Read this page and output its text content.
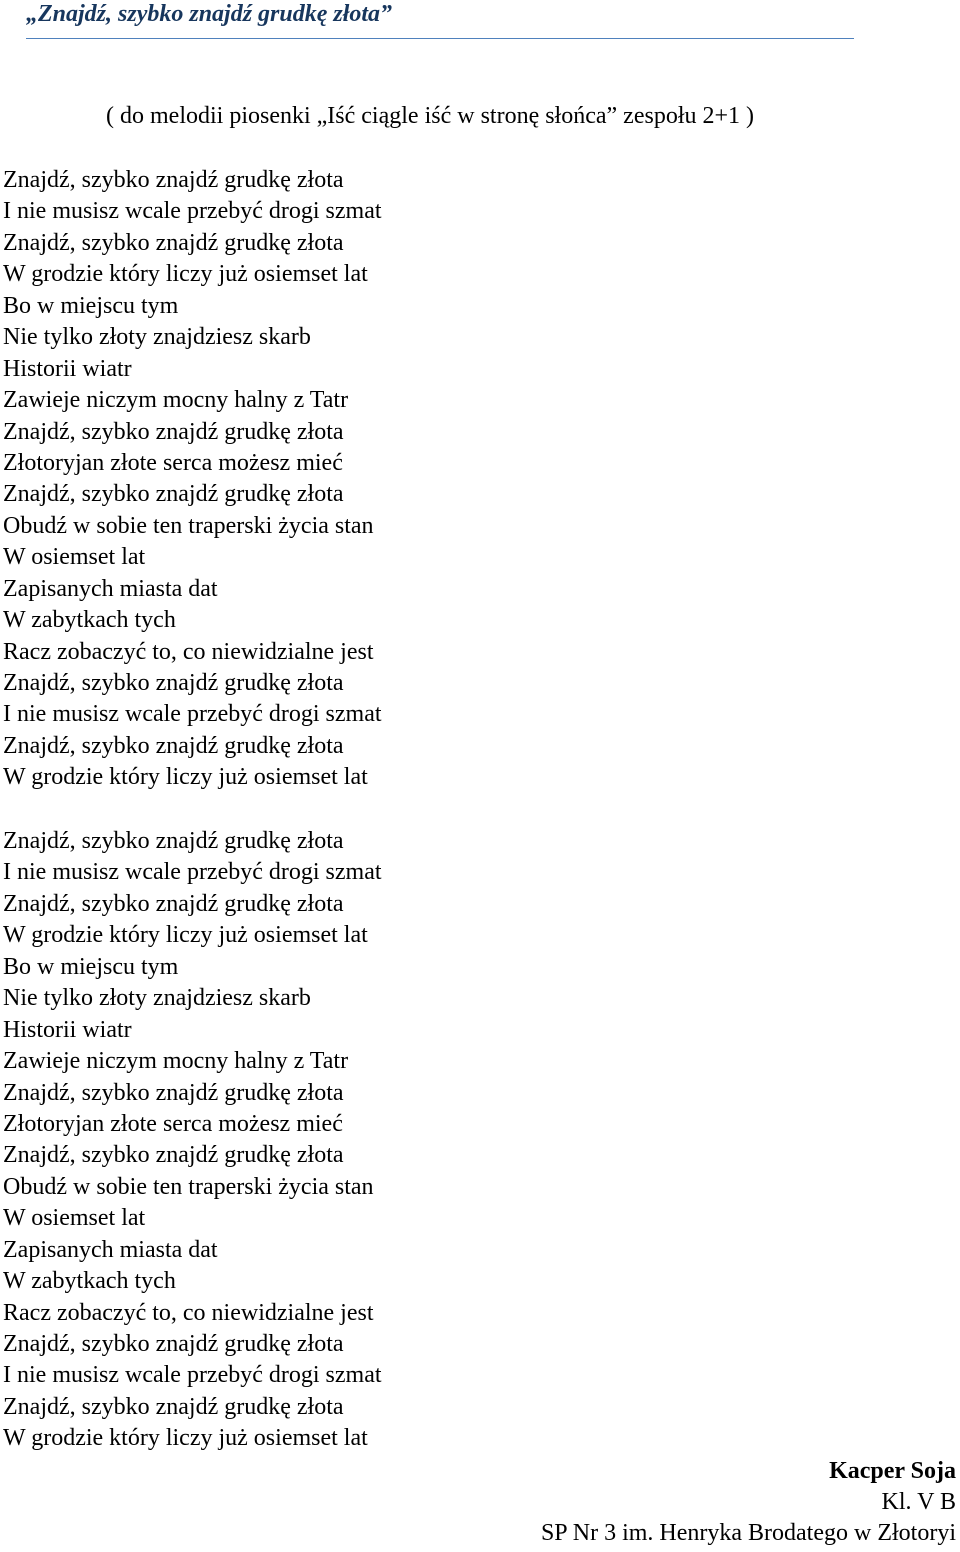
„Znajdź, szybko znajdź grudkę złota”
( do melodii piosenki „Iść ciągle iść w stronę słońca” zespołu 2+1 )
Znajdź, szybko znajdź grudkę złota
I nie musisz wcale przebyć drogi szmat
Znajdź, szybko znajdź grudkę złota
W grodzie który liczy już osiemset lat
Bo w miejscu tym
Nie tylko złoty znajdziesz skarb
Historii wiatr
Zawieje niczym mocny halny z Tatr
Znajdź, szybko znajdź grudkę złota
Złotoryjan złote serca możesz mieć
Znajdź, szybko znajdź grudkę złota
Obudź w sobie ten traperski życia stan
W osiemset lat
Zapisanych miasta dat
W zabytkach tych
Racz zobaczyć to, co niewidzialne jest
Znajdź, szybko znajdź grudkę złota
I nie musisz wcale przebyć drogi szmat
Znajdź, szybko znajdź grudkę złota
W grodzie który liczy już osiemset lat
Znajdź, szybko znajdź grudkę złota
I nie musisz wcale przebyć drogi szmat
Znajdź, szybko znajdź grudkę złota
W grodzie który liczy już osiemset lat
Bo w miejscu tym
Nie tylko złoty znajdziesz skarb
Historii wiatr
Zawieje niczym mocny halny z Tatr
Znajdź, szybko znajdź grudkę złota
Złotoryjan złote serca możesz mieć
Znajdź, szybko znajdź grudkę złota
Obudź w sobie ten traperski życia stan
W osiemset lat
Zapisanych miasta dat
W zabytkach tych
Racz zobaczyć to, co niewidzialne jest
Znajdź, szybko znajdź grudkę złota
I nie musisz wcale przebyć drogi szmat
Znajdź, szybko znajdź grudkę złota
W grodzie który liczy już osiemset lat
Kacper Soja
Kl. V B
SP Nr 3 im. Henryka Brodatego w Złotoryi
